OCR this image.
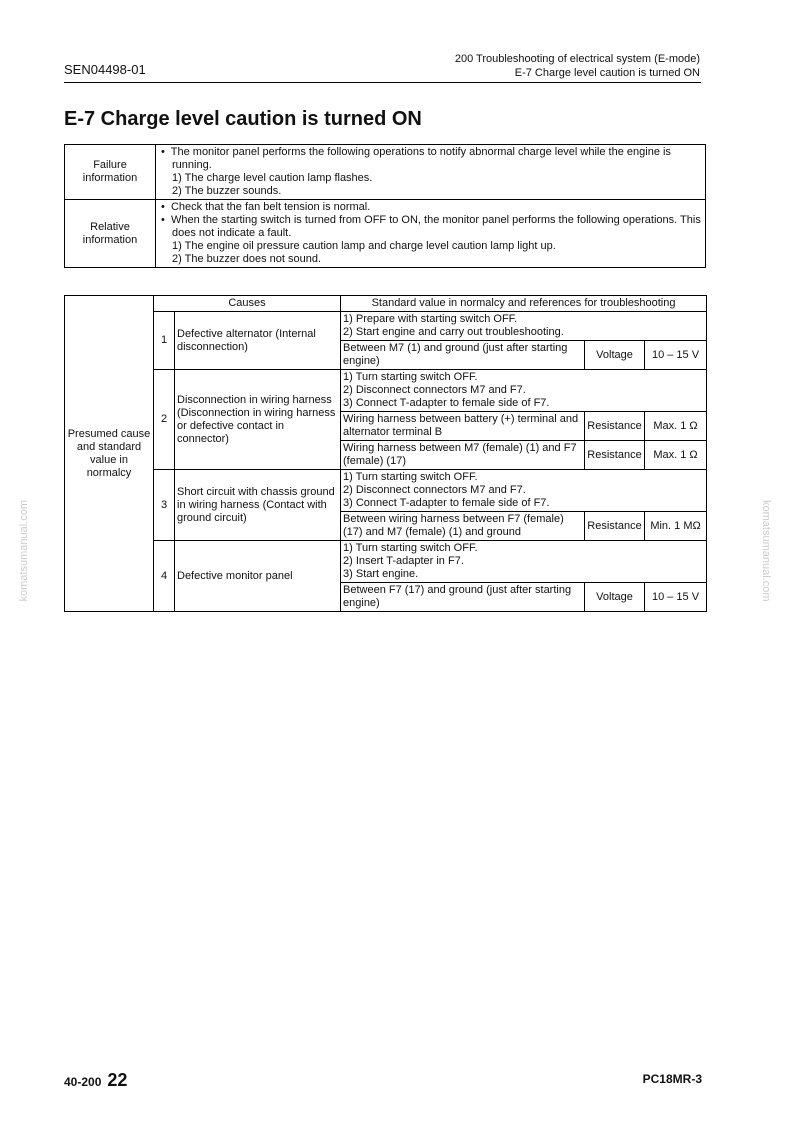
SEN04498-01
200 Troubleshooting of electrical system (E-mode)
E-7 Charge level caution is turned ON
E-7 Charge level caution is turned ON
Failure information	•  The monitor panel performs the following operations to notify abnormal charge level while the engine is running.
1) The charge level caution lamp flashes.
2) The buzzer sounds.

Relative information	•  Check that the fan belt tension is normal.
•  When the starting switch is turned from OFF to ON, the monitor panel performs the following operations. This does not indicate a fault.
1) The engine oil pressure caution lamp and charge level caution lamp light up.
2) The buzzer does not sound.
Presumed cause and standard value in normalcy	Causes		Standard value in normalcy and references for troubleshooting		
	1	Defective alternator (Internal disconnection)	1) Prepare with starting switch OFF.
2) Start engine and carry out troubleshooting.		

			Between M7 (1) and ground (just after starting engine)	Voltage	10 – 15 V
	2	Disconnection in wiring harness (Disconnection in wiring harness or defective contact in connector)	1) Turn starting switch OFF.
2) Disconnect connectors M7 and F7.
3) Connect T-adapter to female side of F7.		

			Wiring harness between battery (+) terminal and alternator terminal B	Resistance	Max. 1 Ω
			Wiring harness between M7 (female) (1) and F7 (female) (17)	Resistance	Max. 1 Ω
	3	Short circuit with chassis ground in wiring harness (Contact with ground circuit)	1) Turn starting switch OFF.
2) Disconnect connectors M7 and F7.
3) Connect T-adapter to female side of F7.		

			Between wiring harness between F7 (female) (17) and M7 (female) (1) and ground	Resistance	Min. 1 MΩ
	4	Defective monitor panel	1) Turn starting switch OFF.
2) Insert T-adapter in F7.
3) Start engine.		

			Between F7 (17) and ground (just after starting engine)	Voltage	10 – 15 V
komatsumanual.com	komatsumanual.com
40-200 22	PC18MR-3
